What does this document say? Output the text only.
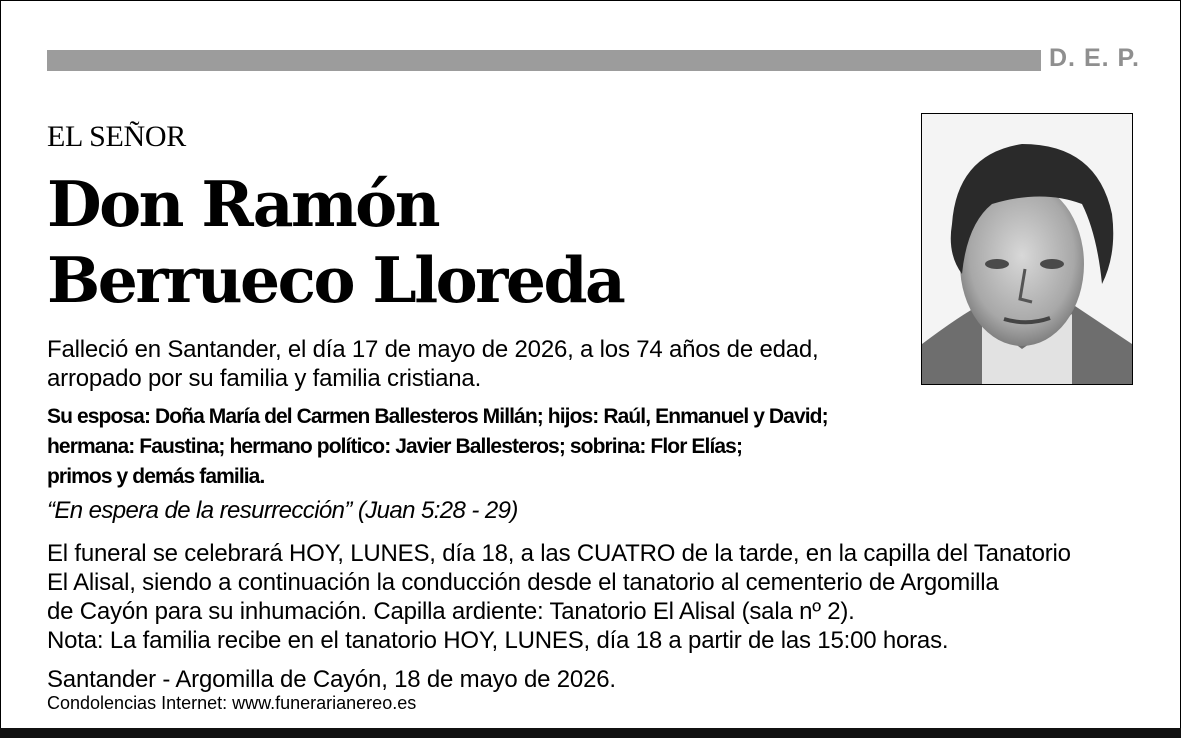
D. E. P.
EL SEÑOR
Don Ramón
Berrueco Lloreda
Falleció en Santander, el día 17 de mayo de 2026, a los 74 años de edad,
arropado por su familia y familia cristiana.
Su esposa: Doña María del Carmen Ballesteros Millán; hijos: Raúl, Enmanuel y David;
hermana: Faustina; hermano político: Javier Ballesteros; sobrina: Flor Elías;
primos y demás familia.
“En espera de la resurrección” (Juan 5:28 - 29)
El funeral se celebrará HOY, LUNES, día 18, a las CUATRO de la tarde, en la capilla del Tanatorio
El Alisal, siendo a continuación la conducción desde el tanatorio al cementerio de Argomilla
de Cayón para su inhumación. Capilla ardiente: Tanatorio El Alisal (sala nº 2).
Nota: La familia recibe en el tanatorio HOY, LUNES, día 18 a partir de las 15:00 horas.
Santander - Argomilla de Cayón, 18 de mayo de 2026.
Condolencias Internet: www.funerarianereo.es
